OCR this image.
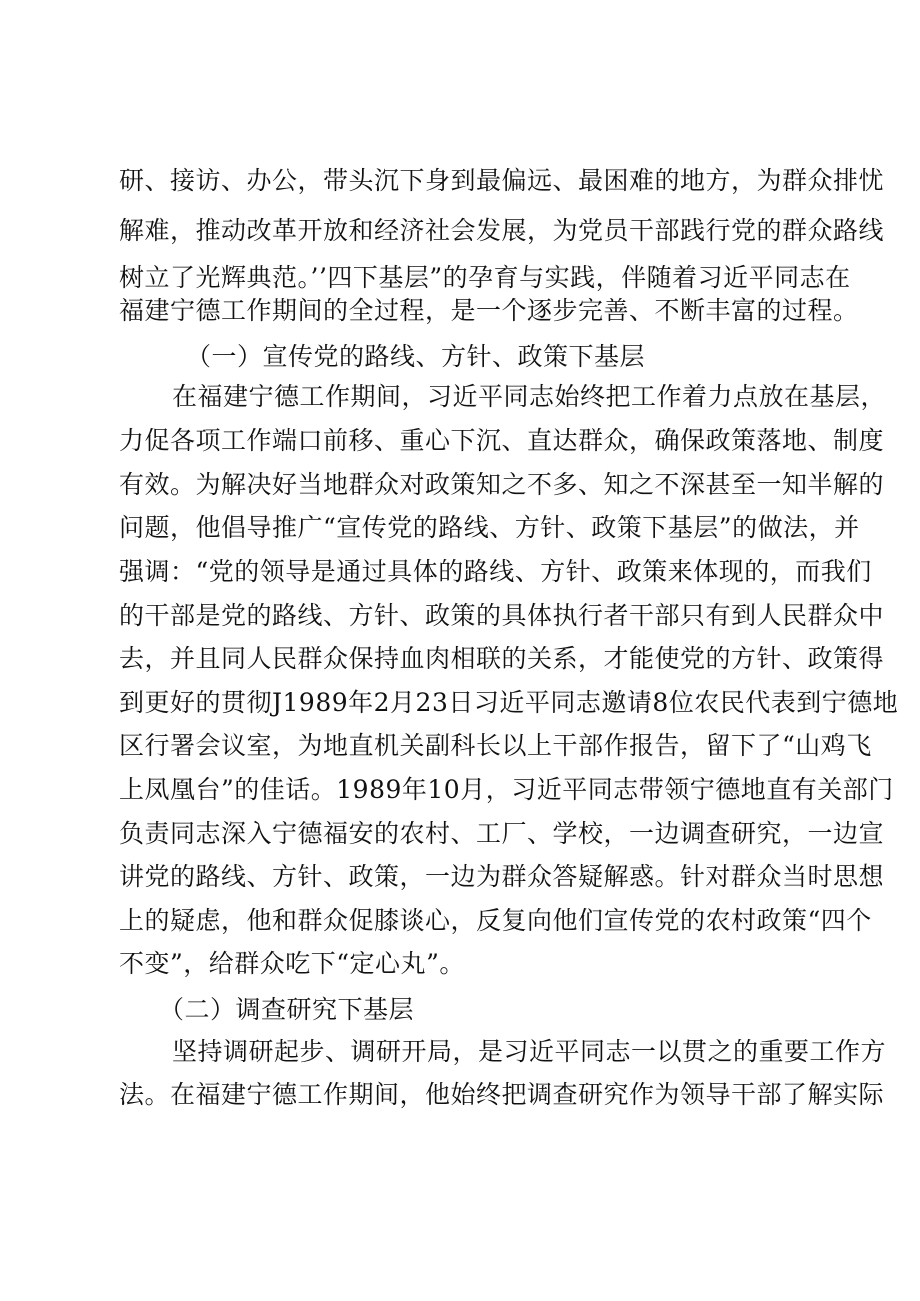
研、接访、办公，带头沉下身到最偏远、最困难的地方，为群众排忧
解难，推动改革开放和经济社会发展，为党员干部践行党的群众路线
树立了光辉典范。’’四下基层”的孕育与实践，伴随着习近平同志在
福建宁德工作期间的全过程，是一个逐步完善、不断丰富的过程。
（一）宣传党的路线、方针、政策下基层
在福建宁德工作期间，习近平同志始终把工作着力点放在基层，
力促各项工作端口前移、重心下沉、直达群众，确保政策落地、制度
有效。为解决好当地群众对政策知之不多、知之不深甚至一知半解的
问题，他倡导推广“宣传党的路线、方针、政策下基层”的做法，并
强调：“党的领导是通过具体的路线、方针、政策来体现的，而我们
的干部是党的路线、方针、政策的具体执行者干部只有到人民群众中
去，并且同人民群众保持血肉相联的关系，才能使党的方针、政策得
到更好的贯彻J1989年2月23日习近平同志邀请8位农民代表到宁德地
区行署会议室，为地直机关副科长以上干部作报告，留下了“山鸡飞
上凤凰台”的佳话。1989年10月，习近平同志带领宁德地直有关部门
负责同志深入宁德福安的农村、工厂、学校，一边调查研究，一边宣
讲党的路线、方针、政策，一边为群众答疑解惑。针对群众当时思想
上的疑虑，他和群众促膝谈心，反复向他们宣传党的农村政策“四个
不变”，给群众吃下“定心丸”。
（二）调查研究下基层
坚持调研起步、调研开局，是习近平同志一以贯之的重要工作方
法。在福建宁德工作期间，他始终把调查研究作为领导干部了解实际
